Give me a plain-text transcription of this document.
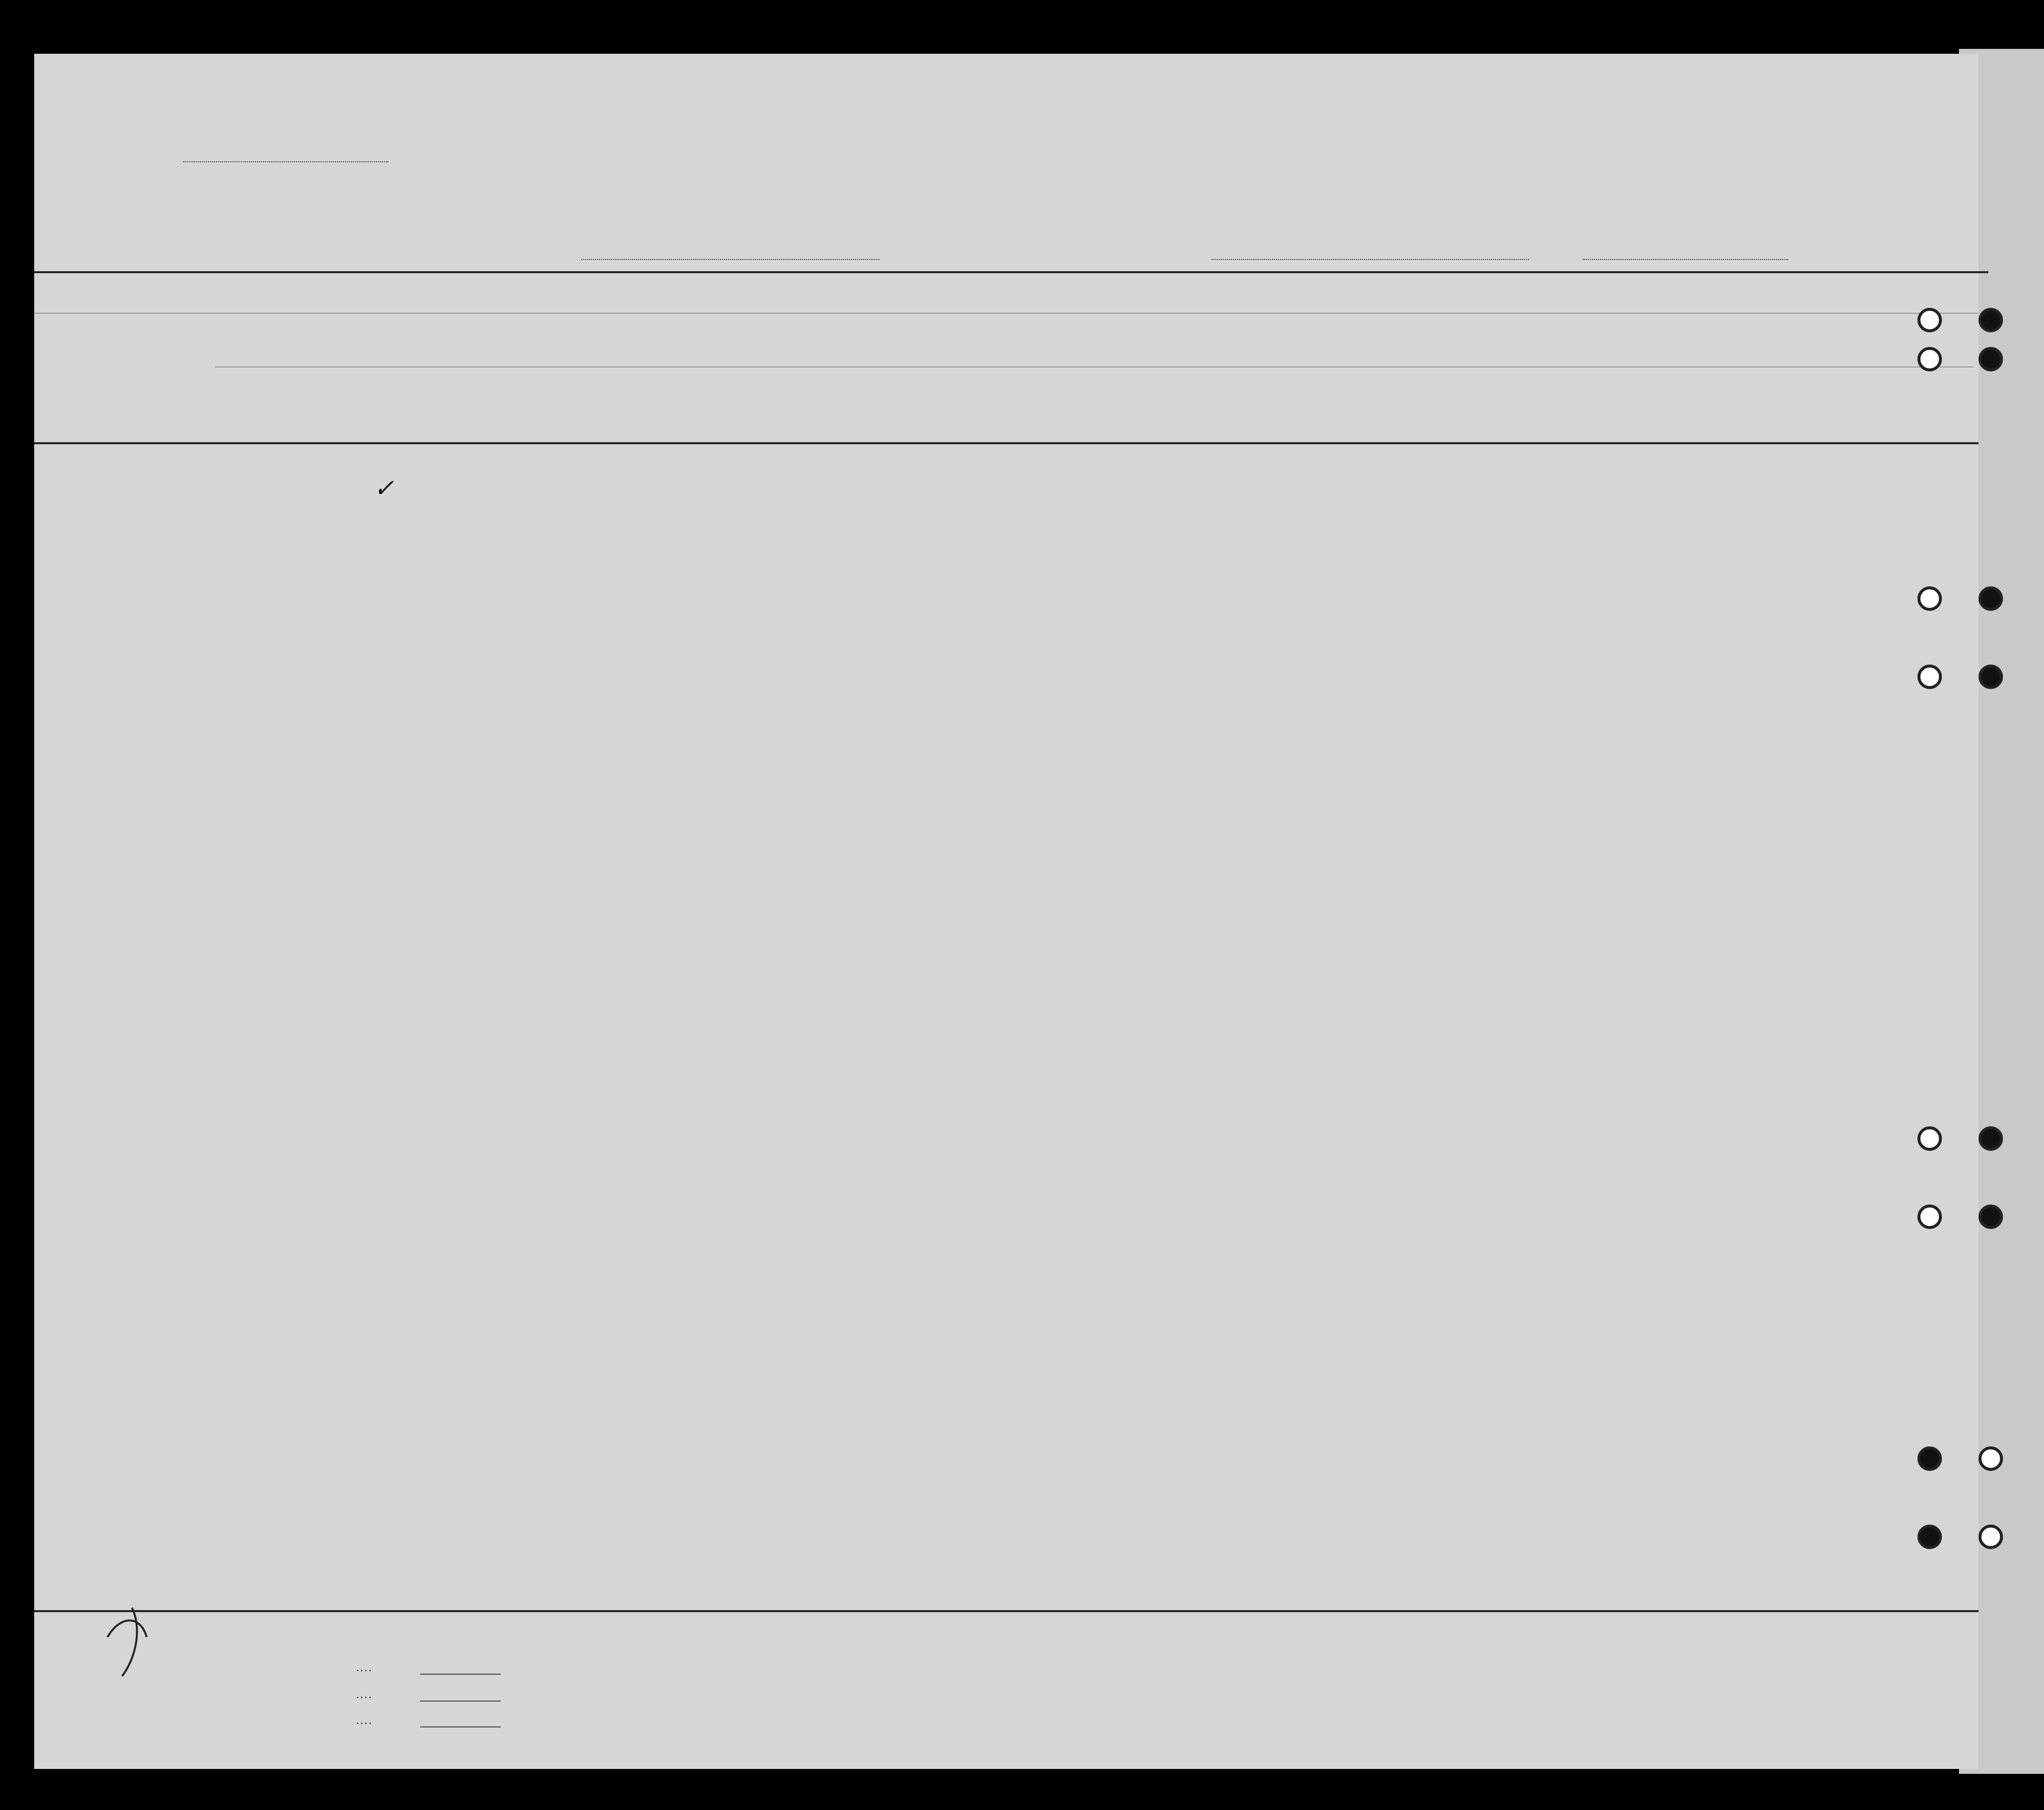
✓
. . . .
. . . .
. . . .
